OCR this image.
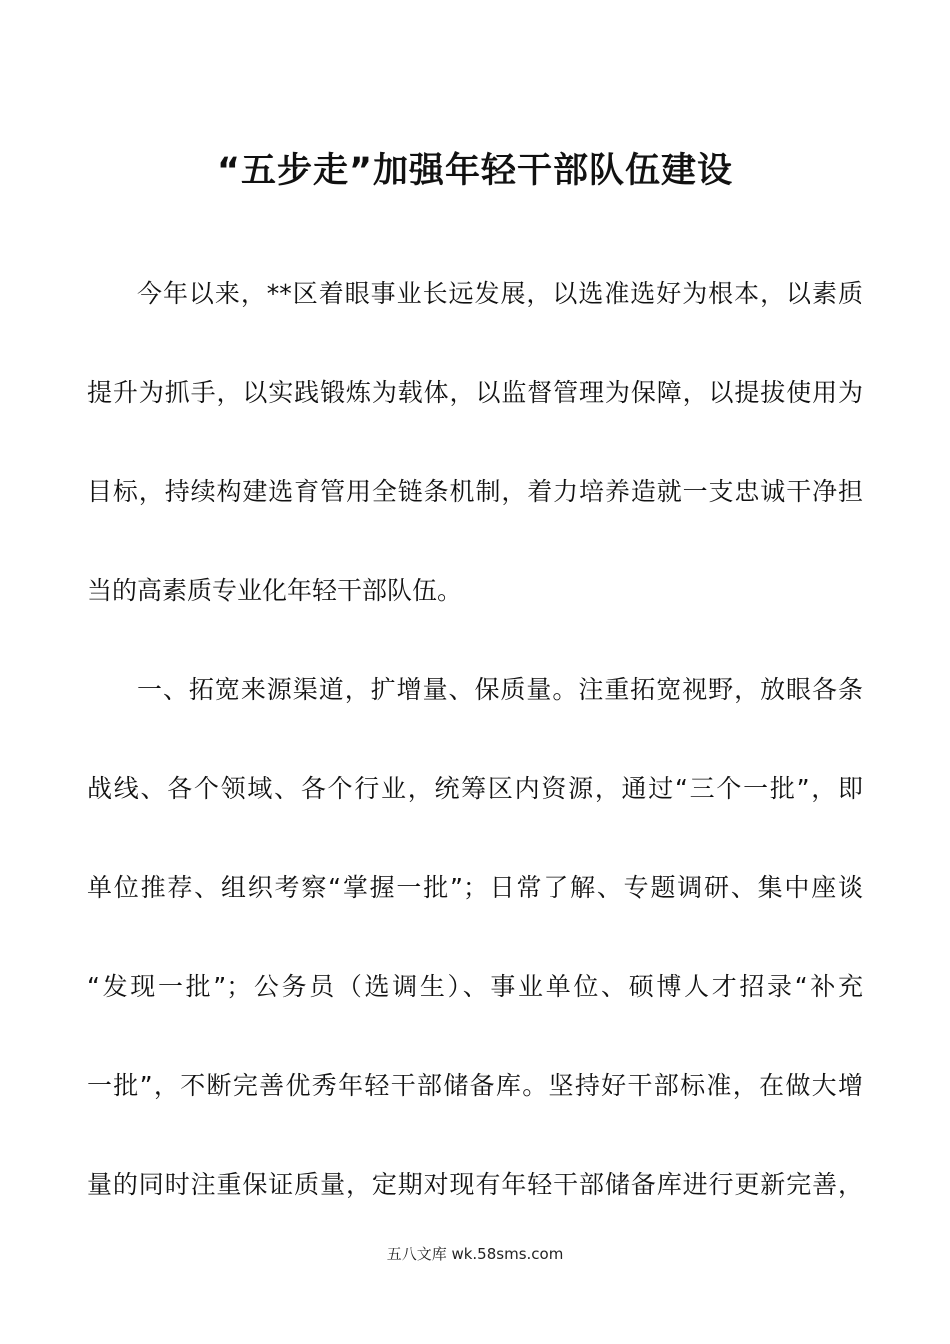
“五步走”加强年轻干部队伍建设
今年以来，**区着眼事业长远发展，以选准选好为根本，以素质
提升为抓手，以实践锻炼为载体，以监督管理为保障，以提拔使用为
目标，持续构建选育管用全链条机制，着力培养造就一支忠诚干净担
当的高素质专业化年轻干部队伍。
一、拓宽来源渠道，扩增量、保质量。注重拓宽视野，放眼各条
战线、各个领域、各个行业，统筹区内资源，通过“三个一批”，即
单位推荐、组织考察“掌握一批”；日常了解、专题调研、集中座谈
“发现一批”；公务员（选调生）、事业单位、硕博人才招录“补充
一批”，不断完善优秀年轻干部储备库。坚持好干部标准，在做大增
量的同时注重保证质量，定期对现有年轻干部储备库进行更新完善，
五八文库 wk.58sms.com
